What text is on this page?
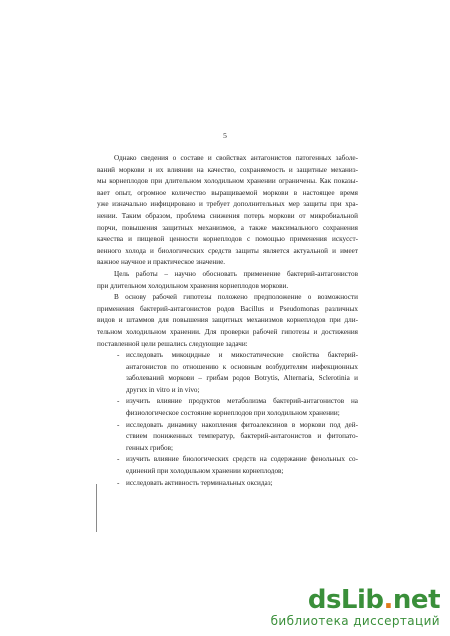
5
Однако сведения о составе и свойствах антагонистов патогенных заболе-
ваний моркови и их влиянии на качество, сохраняемость и защитные механиз-
мы корнеплодов при длительном холодильном хранении ограничены. Как показы-
вает опыт, огромное количество выращиваемой моркови в настоящее время
уже изначально инфицировано и требует дополнительных мер защиты при хра-
нении. Таким образом, проблема снижения потерь моркови от микробиальной
порчи, повышения защитных механизмов, а также максимального сохранения
качества и пищевой ценности корнеплодов с помощью применения искусст-
венного холода и биологических средств защиты является актуальной и имеет
важное научное и практическое значение.
Цель работы – научно обосновать применение бактерий-антагонистов
при длительном холодильном хранения корнеплодов моркови.
В основу рабочей гипотезы положено предположение о возможности
применения бактерий-антагонистов родов Bacillus и Pseudomonas различных
видов и штаммов для повышения защитных механизмов корнеплодов при дли-
тельном холодильном хранении. Для проверки рабочей гипотезы и достижения
поставленной цели решались следующие задачи:
- исследовать микоцидные и микостатические свойства бактерий-
антагонистов по отношению к основным возбудителям инфекционных
заболеваний моркови – грибам родов Botrytis, Alternaria, Sclerotinia и
других in vitro и in vivo;
- изучить влияние продуктов метаболизма бактерий-антагонистов на
физиологическое состояние корнеплодов при холодильном хранении;
- исследовать динамику накопления фитоалексинов в моркови под дей-
ствием пониженных температур, бактерий-антагонистов и фитопато-
генных грибов;
- изучить влияние биологических средств на содержание фенольных со-
единений при холодильном хранении корнеплодов;
- исследовать активность терминальных оксидаз;
dsLib.net
библиотека диссертаций
